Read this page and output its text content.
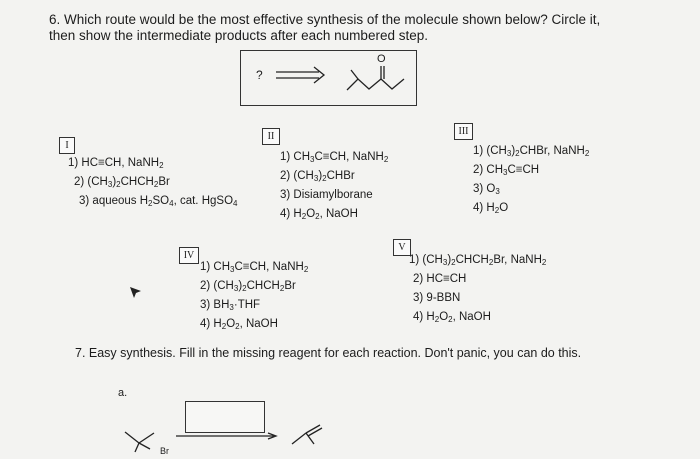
6. Which route would be the most effective synthesis of the molecule shown below? Circle it,
then show the intermediate products after each numbered step.
?
O
I
1) HC≡CH, NaNH$_2$
2) $(CH_3)_2CHCH_2Br$
3) aqueous $H_2SO_4$, cat. HgSO$_4$
II
1) $CH_3C\equiv CH$, NaNH$_2$
2) $(CH_3)_2CHBr$
3) Disiamylborane
4) $H_2O_2$, NaOH
III
1) $(CH_3)_2CHBr$, NaNH$_2$
2) $CH_3C\equiv CH$
3) $O_3$
4) $H_2O$
IV
1) $CH_3C\equiv CH$, NaNH$_2$
2) $(CH_3)_2CHCH_2Br$
3) $BH_3\cdot THF$
4) $H_2O_2$, NaOH
V
1) $(CH_3)_2CHCH_2Br$, NaNH$_2$
2) HC≡CH
3) 9-BBN
4) $H_2O_2$, NaOH
7. Easy synthesis. Fill in the missing reagent for each reaction. Don't panic, you can do this.
a.
Br
